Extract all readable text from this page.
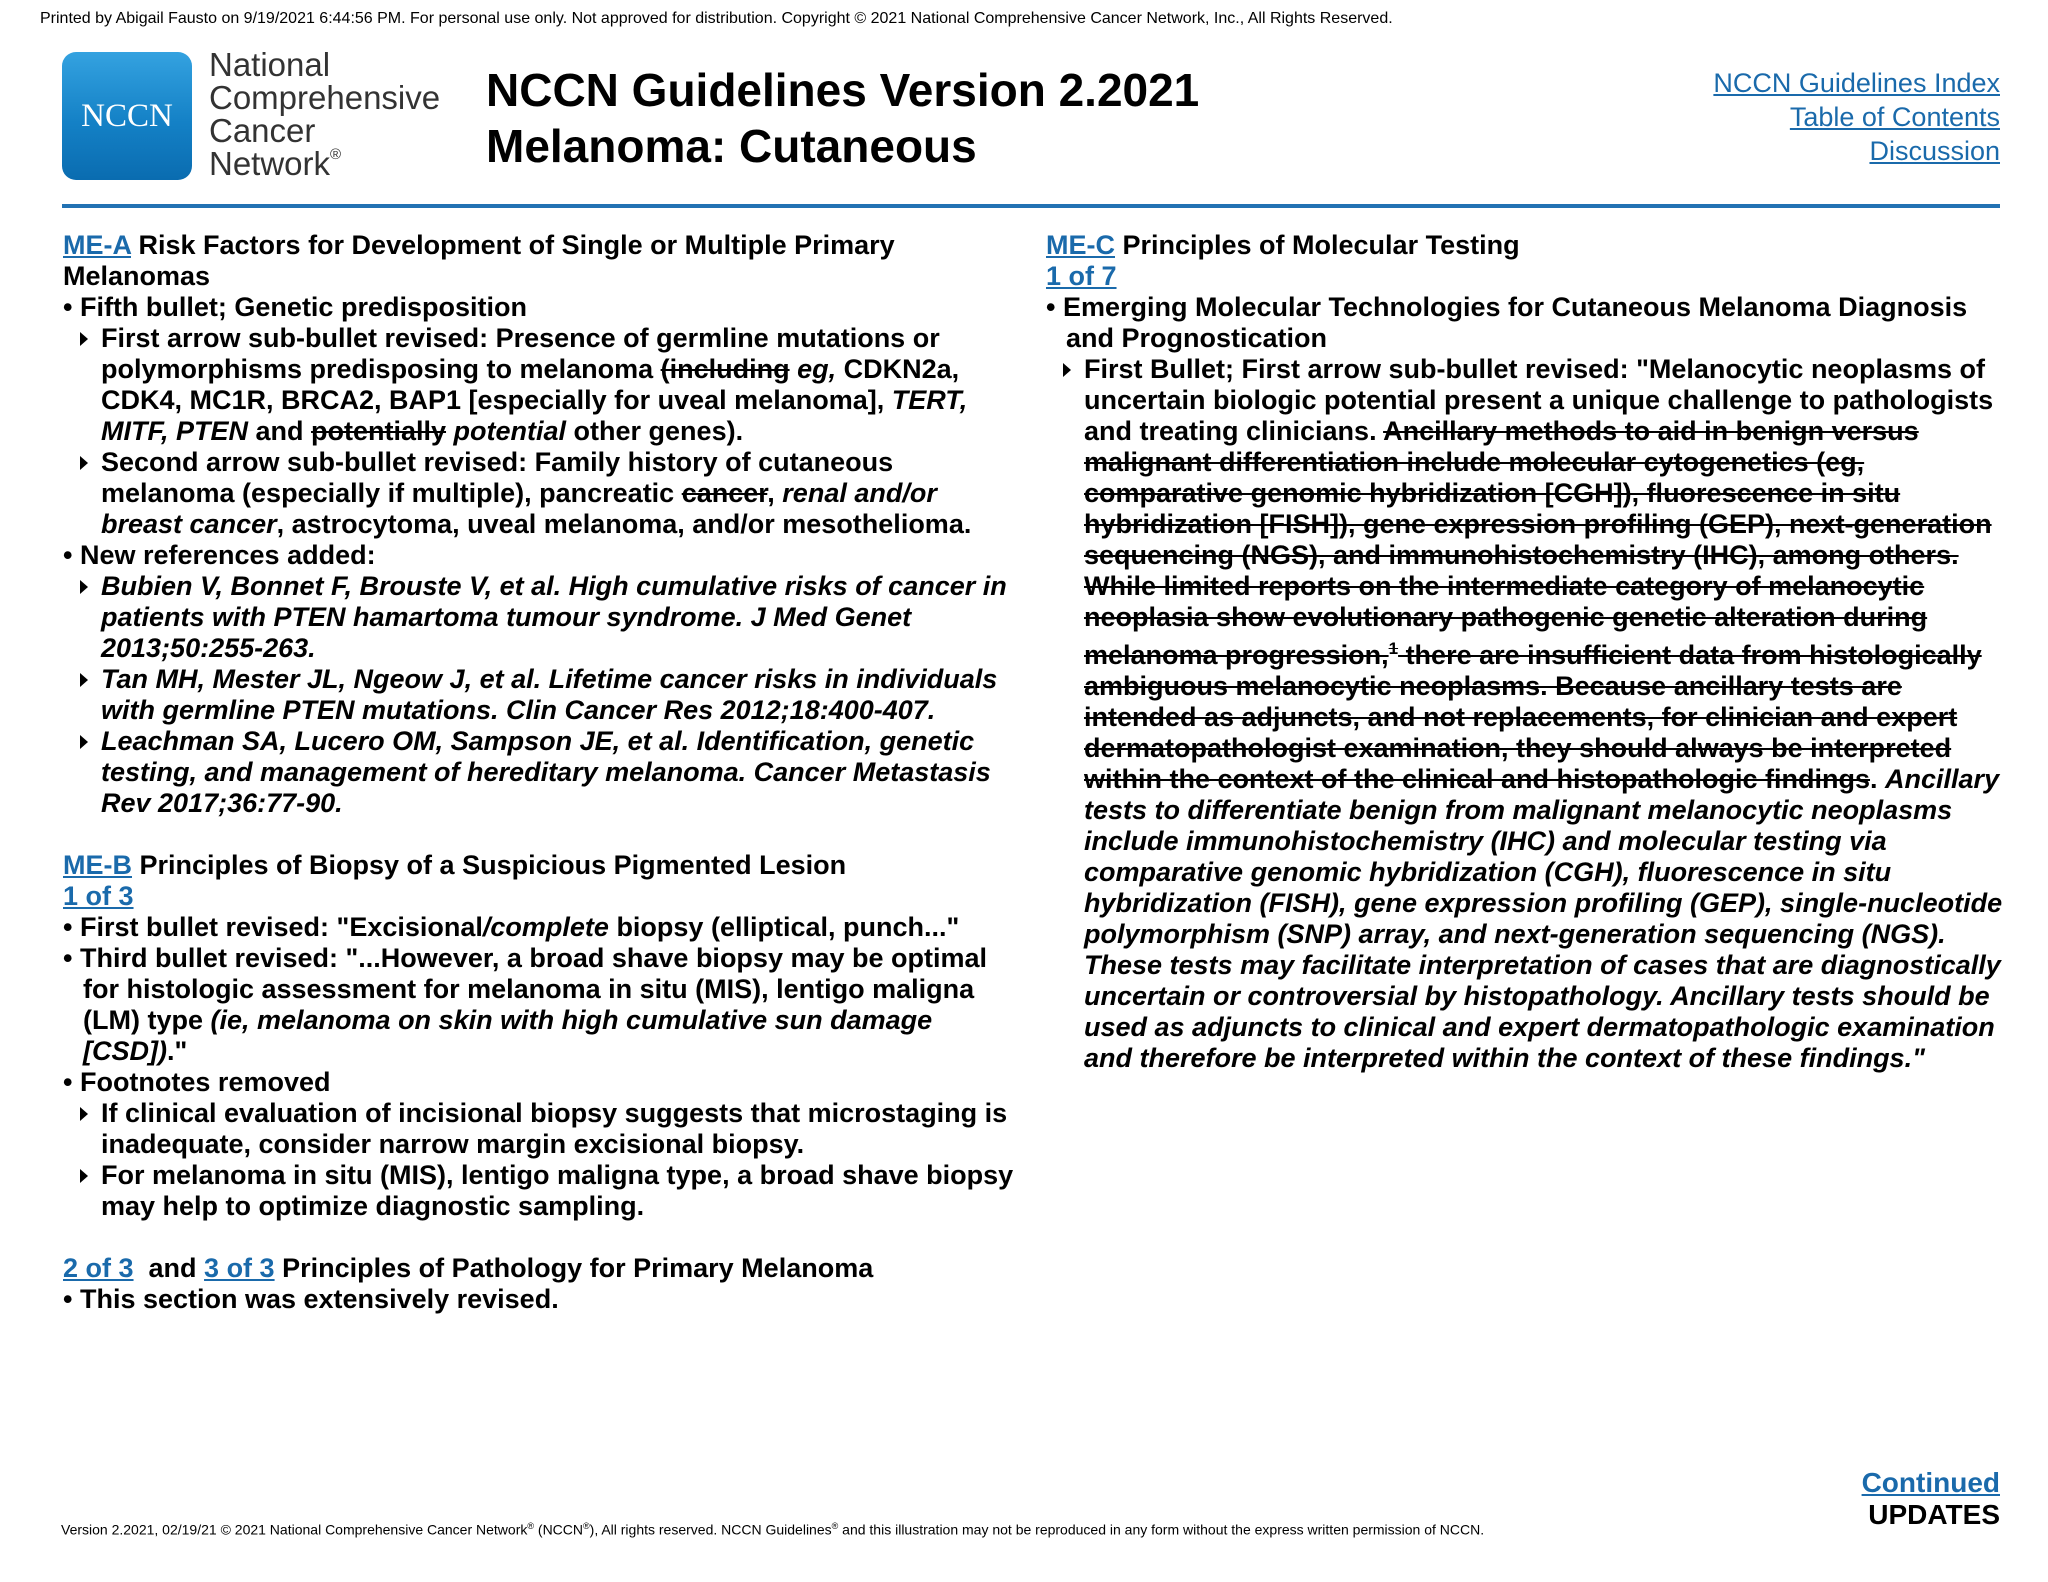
Printed by Abigail Fausto on 9/19/2021 6:44:56 PM. For personal use only. Not approved for distribution. Copyright © 2021 National Comprehensive Cancer Network, Inc., All Rights Reserved.
NCCN
National
Comprehensive
Cancer
Network®
NCCN Guidelines Version 2.2021
Melanoma: Cutaneous
NCCN Guidelines Index
Table of Contents
Discussion

ME-A Risk Factors for Development of Single or Multiple Primary Melanomas

• Fifth bullet; Genetic predisposition

First arrow sub-bullet revised: Presence of germline mutations or polymorphisms predisposing to melanoma (including eg, CDKN2a, CDK4, MC1R, BRCA2, BAP1 [especially for uveal melanoma], TERT, MITF, PTEN and potentially potential other genes).

Second arrow sub-bullet revised: Family history of cutaneous melanoma (especially if multiple), pancreatic cancer, renal and/or breast cancer, astrocytoma, uveal melanoma, and/or mesothelioma.

• New references added:

Bubien V, Bonnet F, Brouste V, et al. High cumulative risks of cancer in patients with PTEN hamartoma tumour syndrome. J Med Genet 2013;50:255-263.

Tan MH, Mester JL, Ngeow J, et al. Lifetime cancer risks in individuals with germline PTEN mutations. Clin Cancer Res 2012;18:400-407.

Leachman SA, Lucero OM, Sampson JE, et al. Identification, genetic testing, and management of hereditary melanoma. Cancer Metastasis Rev 2017;36:77-90.

ME-B Principles of Biopsy of a Suspicious Pigmented Lesion

1 of 3

• First bullet revised: "Excisional/complete biopsy (elliptical, punch..."

• Third bullet revised: "...However, a broad shave biopsy may be optimal for histologic assessment for melanoma in situ (MIS), lentigo maligna (LM) type (ie, melanoma on skin with high cumulative sun damage [CSD])."

• Footnotes removed

If clinical evaluation of incisional biopsy suggests that microstaging is inadequate, consider narrow margin excisional biopsy.

For melanoma in situ (MIS), lentigo maligna type, a broad shave biopsy may help to optimize diagnostic sampling.

2 of 3  and 3 of 3 Principles of Pathology for Primary Melanoma

• This section was extensively revised.

ME-C Principles of Molecular Testing

1 of 7

• Emerging Molecular Technologies for Cutaneous Melanoma Diagnosis and Prognostication

First Bullet; First arrow sub-bullet revised: "Melanocytic neoplasms of uncertain biologic potential present a unique challenge to pathologists and treating clinicians. Ancillary methods to aid in benign versus malignant differentiation include molecular cytogenetics (eg, comparative genomic hybridization [CGH]), fluorescence in situ hybridization [FISH]), gene expression profiling (GEP), next-generation sequencing (NGS), and immunohistochemistry (IHC), among others. While limited reports on the intermediate category of melanocytic neoplasia show evolutionary pathogenic genetic alteration during melanoma progression,$^1$ there are insufficient data from histologically ambiguous melanocytic neoplasms. Because ancillary tests are intended as adjuncts, and not replacements, for clinician and expert dermatopathologist examination, they should always be interpreted within the context of the clinical and histopathologic findings. Ancillary tests to differentiate benign from malignant melanocytic neoplasms include immunohistochemistry (IHC) and molecular testing via comparative genomic hybridization (CGH), fluorescence in situ hybridization (FISH), gene expression profiling (GEP), single-nucleotide polymorphism (SNP) array, and next-generation sequencing (NGS). These tests may facilitate interpretation of cases that are diagnostically uncertain or controversial by histopathology. Ancillary tests should be used as adjuncts to clinical and expert dermatopathologic examination and therefore be interpreted within the context of these findings."

Continued
UPDATES
Version 2.2021, 02/19/21 © 2021 National Comprehensive Cancer Network® (NCCN®), All rights reserved. NCCN Guidelines® and this illustration may not be reproduced in any form without the express written permission of NCCN.
